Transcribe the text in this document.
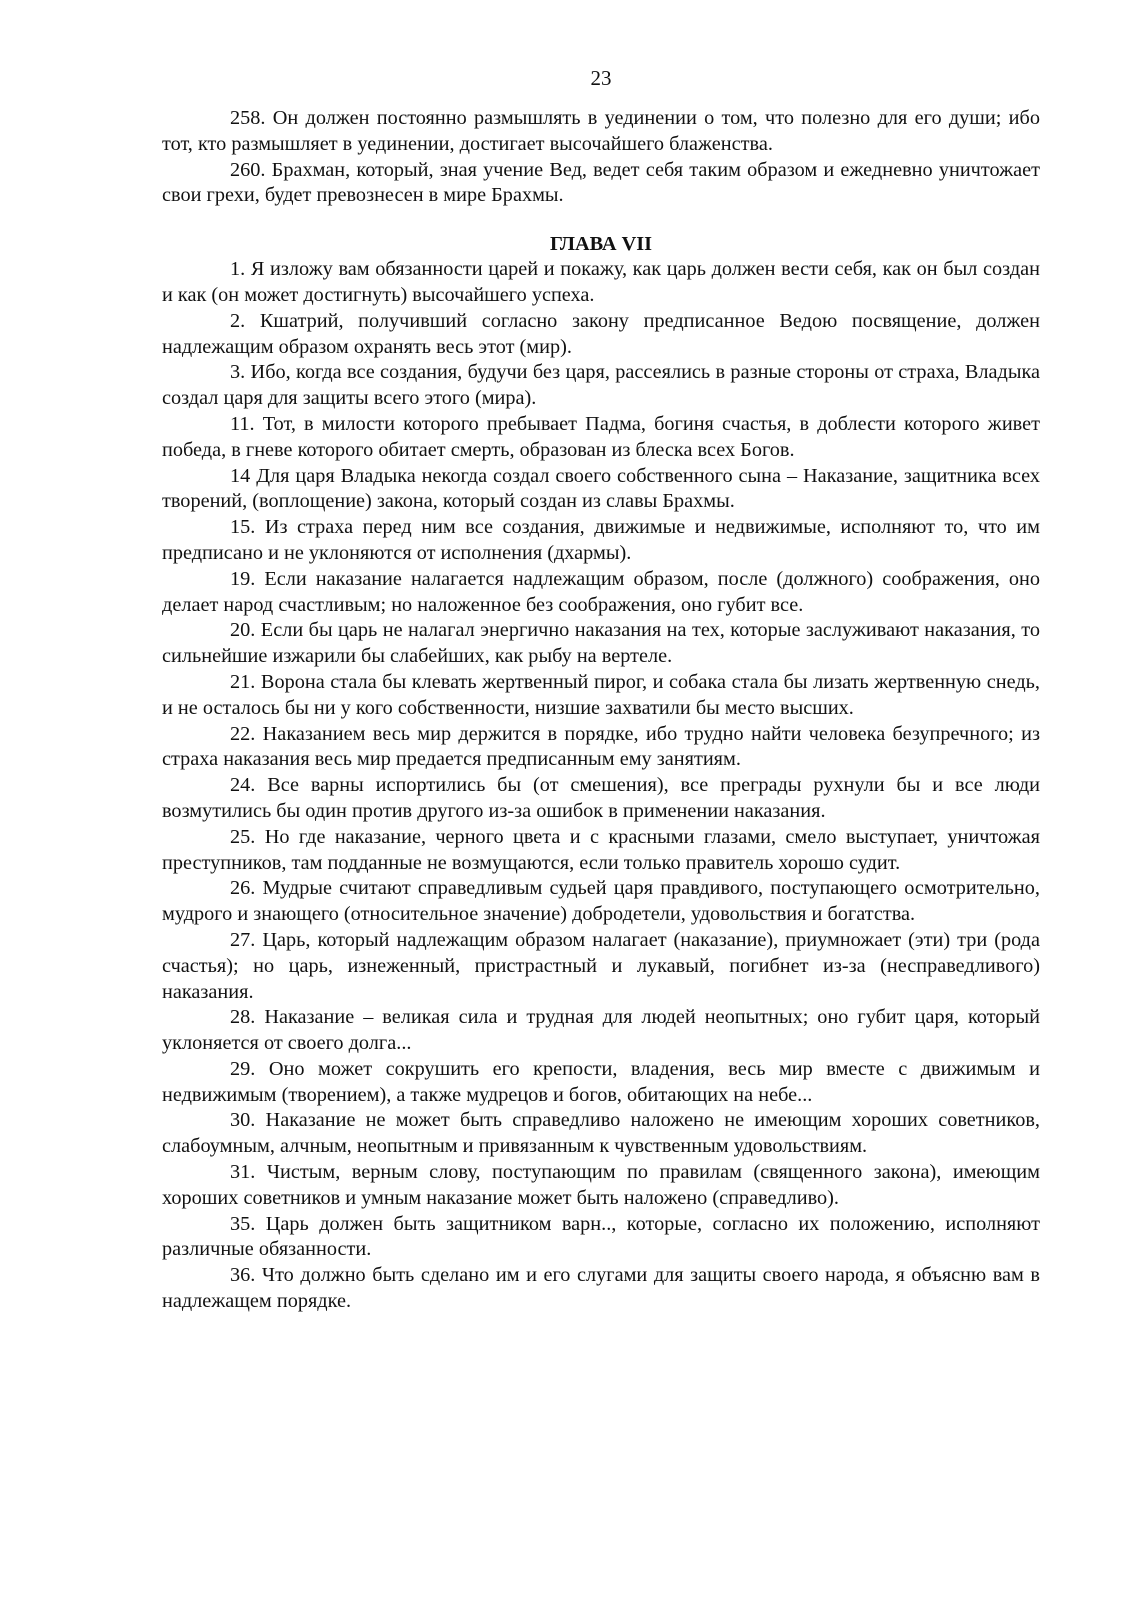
23

258. Он должен постоянно размышлять в уединении о том, что полезно для его души; ибо тот, кто размышляет в уединении, достигает высочайшего блаженства.

260. Брахман, который, зная учение Вед, ведет себя таким образом и ежедневно уничтожает свои грехи, будет превознесен в мире Брахмы.

ГЛАВА VII

1. Я изложу вам обязанности царей и покажу, как царь должен вести себя, как он был создан и как (он может достигнуть) высочайшего успеха.

2. Кшатрий, получивший согласно закону предписанное Ведою посвящение, должен надлежащим образом охранять весь этот (мир).

3. Ибо, когда все создания, будучи без царя, рассеялись в разные стороны от страха, Владыка создал царя для защиты всего этого (мира).

11. Тот, в милости которого пребывает Падма, богиня счастья, в доблести которого живет победа, в гневе которого обитает смерть, образован из блеска всех Богов.

14 Для царя Владыка некогда создал своего собственного сына – Наказание, защитника всех творений, (воплощение) закона, который создан из славы Брахмы.

15. Из страха перед ним все создания, движимые и недвижимые, исполняют то, что им предписано и не уклоняются от исполнения (дхармы).

19. Если наказание налагается надлежащим образом, после (должного) соображения, оно делает народ счастливым; но наложенное без соображения, оно губит все.

20. Если бы царь не налагал энергично наказания на тех, которые заслуживают наказания, то сильнейшие изжарили бы слабейших, как рыбу на вертеле.

21. Ворона стала бы клевать жертвенный пирог, и собака стала бы лизать жертвенную снедь, и не осталось бы ни у кого собственности, низшие захватили бы место высших.

22. Наказанием весь мир держится в порядке, ибо трудно найти человека безупречного; из страха наказания весь мир предается предписанным ему занятиям.

24. Все варны испортились бы (от смешения), все преграды рухнули бы и все люди возмутились бы один против другого из-за ошибок в применении наказания.

25. Но где наказание, черного цвета и с красными глазами, смело выступает, уничтожая преступников, там подданные не возмущаются, если только правитель хорошо судит.

26. Мудрые считают справедливым судьей царя правдивого, поступающего осмотрительно, мудрого и знающего (относительное значение) добродетели, удовольствия и богатства.

27. Царь, который надлежащим образом налагает (наказание), приумножает (эти) три (рода счастья); но царь, изнеженный, пристрастный и лукавый, погибнет из-за (несправедливого) наказания.

28. Наказание – великая сила и трудная для людей неопытных; оно губит царя, который уклоняется от своего долга...

29. Оно может сокрушить его крепости, владения, весь мир вместе с движимым и недвижимым (творением), а также мудрецов и богов, обитающих на небе...

30. Наказание не может быть справедливо наложено не имеющим хороших советников, слабоумным, алчным, неопытным и привязанным к чувственным удовольствиям.

31. Чистым, верным слову, поступающим по правилам (священного закона), имеющим хороших советников и умным наказание может быть наложено (справедливо).

35. Царь должен быть защитником варн.., которые, согласно их положению, исполняют различные обязанности.

36. Что должно быть сделано им и его слугами для защиты своего народа, я объясню вам в надлежащем порядке.
